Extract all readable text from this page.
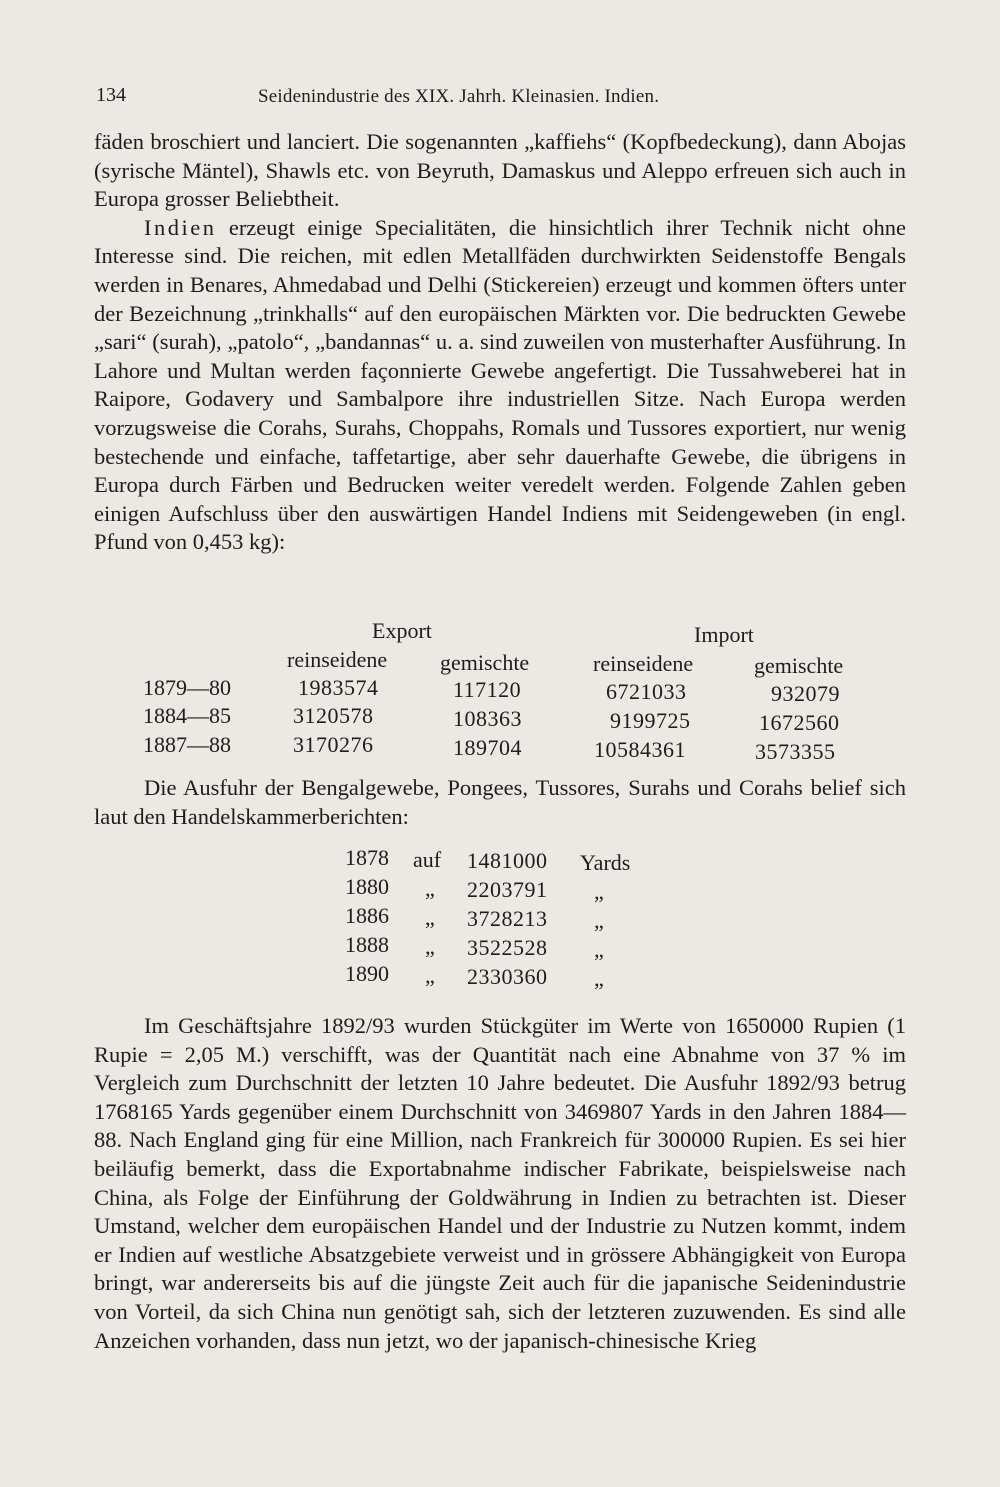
134	Seidenindustrie des XIX. Jahrh. Kleinasien. Indien.

fäden broschiert und lanciert. Die sogenannten „kaffiehs“ (Kopfbedeckung), dann Abojas (syrische Mäntel), Shawls etc. von Beyruth, Damaskus und Aleppo erfreuen sich auch in Europa grosser Beliebtheit.

Indien erzeugt einige Specialitäten, die hinsichtlich ihrer Technik nicht ohne Interesse sind. Die reichen, mit edlen Metallfäden durchwirkten Seidenstoffe Bengals werden in Benares, Ahmedabad und Delhi (Stickereien) erzeugt und kommen öfters unter der Bezeichnung „trinkhalls“ auf den europäischen Märkten vor. Die bedruckten Gewebe „sari“ (surah), „patolo“, „bandannas“ u. a. sind zuweilen von musterhafter Ausführung. In Lahore und Multan werden façonnierte Gewebe angefertigt. Die Tussahweberei hat in Raipore, Godavery und Sambalpore ihre industriellen Sitze. Nach Europa werden vorzugsweise die Corahs, Surahs, Choppahs, Romals und Tussores exportiert, nur wenig bestechende und einfache, taffetartige, aber sehr dauerhafte Gewebe, die übrigens in Europa durch Färben und Bedrucken weiter veredelt werden. Folgende Zahlen geben einigen Aufschluss über den auswärtigen Handel Indiens mit Seidengeweben (in engl. Pfund von 0,453 kg):

Export	Import
reinseidene gemischte	reinseidene	gemischte
1879—80	1983574	117120	6721033	932079
1884—85	3120578	108363	9199725	1672560
1887—88	3170276	189704	10584361	3573355

Die Ausfuhr der Bengalgewebe, Pongees, Tussores, Surahs und Corahs belief sich laut den Handelskammerberichten:

1878 auf 1481000 Yards
1880 „ 2203791 „
1886 „ 3728213 „
1888 „ 3522528 „
1890 „ 2330360 „

Im Geschäftsjahre 1892/93 wurden Stückgüter im Werte von 1650000 Rupien (1 Rupie = 2,05 M.) verschifft, was der Quantität nach eine Abnahme von 37 % im Vergleich zum Durchschnitt der letzten 10 Jahre bedeutet. Die Ausfuhr 1892/93 betrug 1768165 Yards gegenüber einem Durchschnitt von 3469807 Yards in den Jahren 1884—88. Nach England ging für eine Million, nach Frankreich für 300000 Rupien. Es sei hier beiläufig bemerkt, dass die Exportabnahme indischer Fabrikate, beispielsweise nach China, als Folge der Einführung der Goldwährung in Indien zu betrachten ist. Dieser Umstand, welcher dem europäischen Handel und der Industrie zu Nutzen kommt, indem er Indien auf westliche Absatzgebiete verweist und in grössere Abhängigkeit von Europa bringt, war andererseits bis auf die jüngste Zeit auch für die japanische Seidenindustrie von Vorteil, da sich China nun genötigt sah, sich der letzteren zuzuwenden. Es sind alle Anzeichen vorhanden, dass nun jetzt, wo der japanisch-chinesische Krieg
